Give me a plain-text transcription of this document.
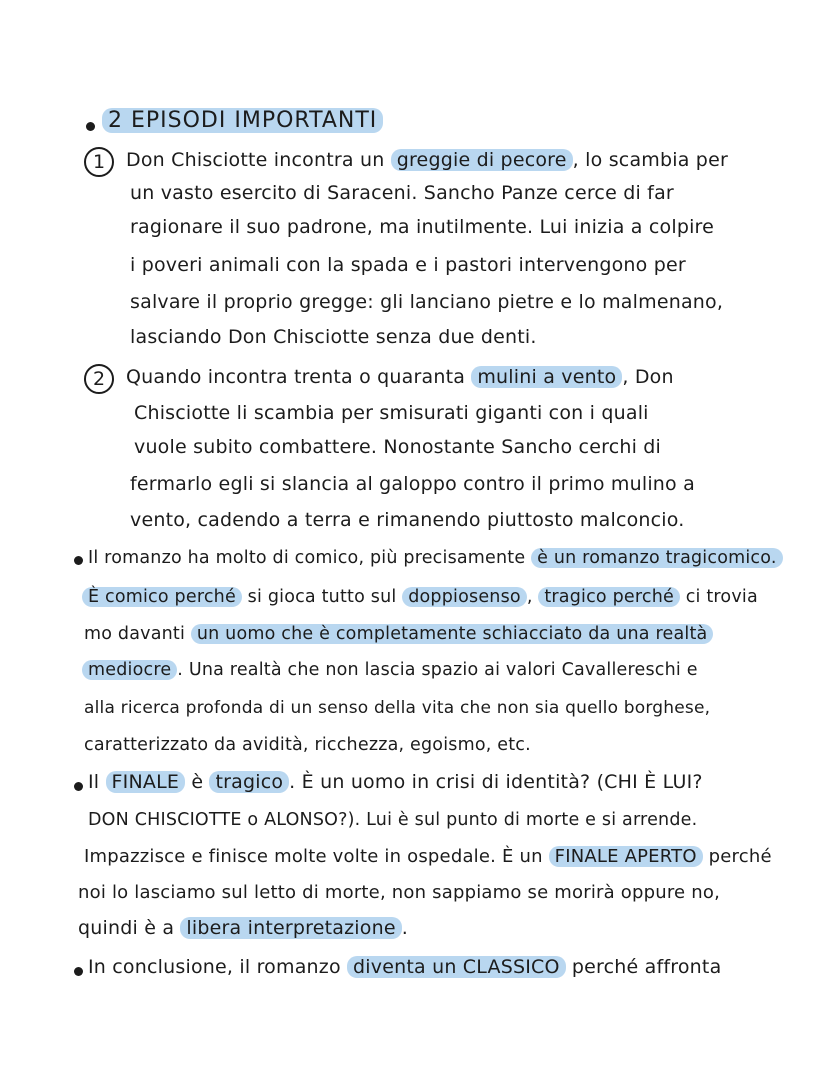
2 EPISODI IMPORTANTI
1	Don Chisciotte incontra un greggie di pecore , lo scambia per
un vasto esercito di Saraceni. Sancho Panze cerce di far
ragionare il suo padrone, ma inutilmente. Lui inizia a colpire
i poveri animali con la spada e i pastori intervengono per
salvare il proprio gregge: gli lanciano pietre e lo malmenano,
lasciando Don Chisciotte senza due denti.
2	Quando incontra trenta o quaranta mulini a vento , Don
Chisciotte li scambia per smisurati giganti con i quali
vuole subito combattere. Nonostante Sancho cerchi di
fermarlo egli si slancia al galoppo contro il primo mulino a
vento, cadendo a terra e rimanendo piuttosto malconcio.
Il romanzo ha molto di comico, più precisamente è un romanzo tragicomico.
È comico perché si gioca tutto sul doppiosenso , tragico perché ci trovia
mo davanti un uomo che è completamente schiacciato da una realtà
mediocre . Una realtà che non lascia spazio ai valori Cavallereschi e
alla ricerca profonda di un senso della vita che non sia quello borghese,
caratterizzato da avidità, ricchezza, egoismo, etc.
Il FINALE è tragico . È un uomo in crisi di identità? (CHI È LUI?
DON CHISCIOTTE o ALONSO?). Lui è sul punto di morte e si arrende.
Impazzisce e finisce molte volte in ospedale. È un FINALE APERTO perché
noi lo lasciamo sul letto di morte, non sappiamo se morirà oppure no,
quindi è a libera interpretazione .
In conclusione, il romanzo diventa un CLASSICO perché affronta
